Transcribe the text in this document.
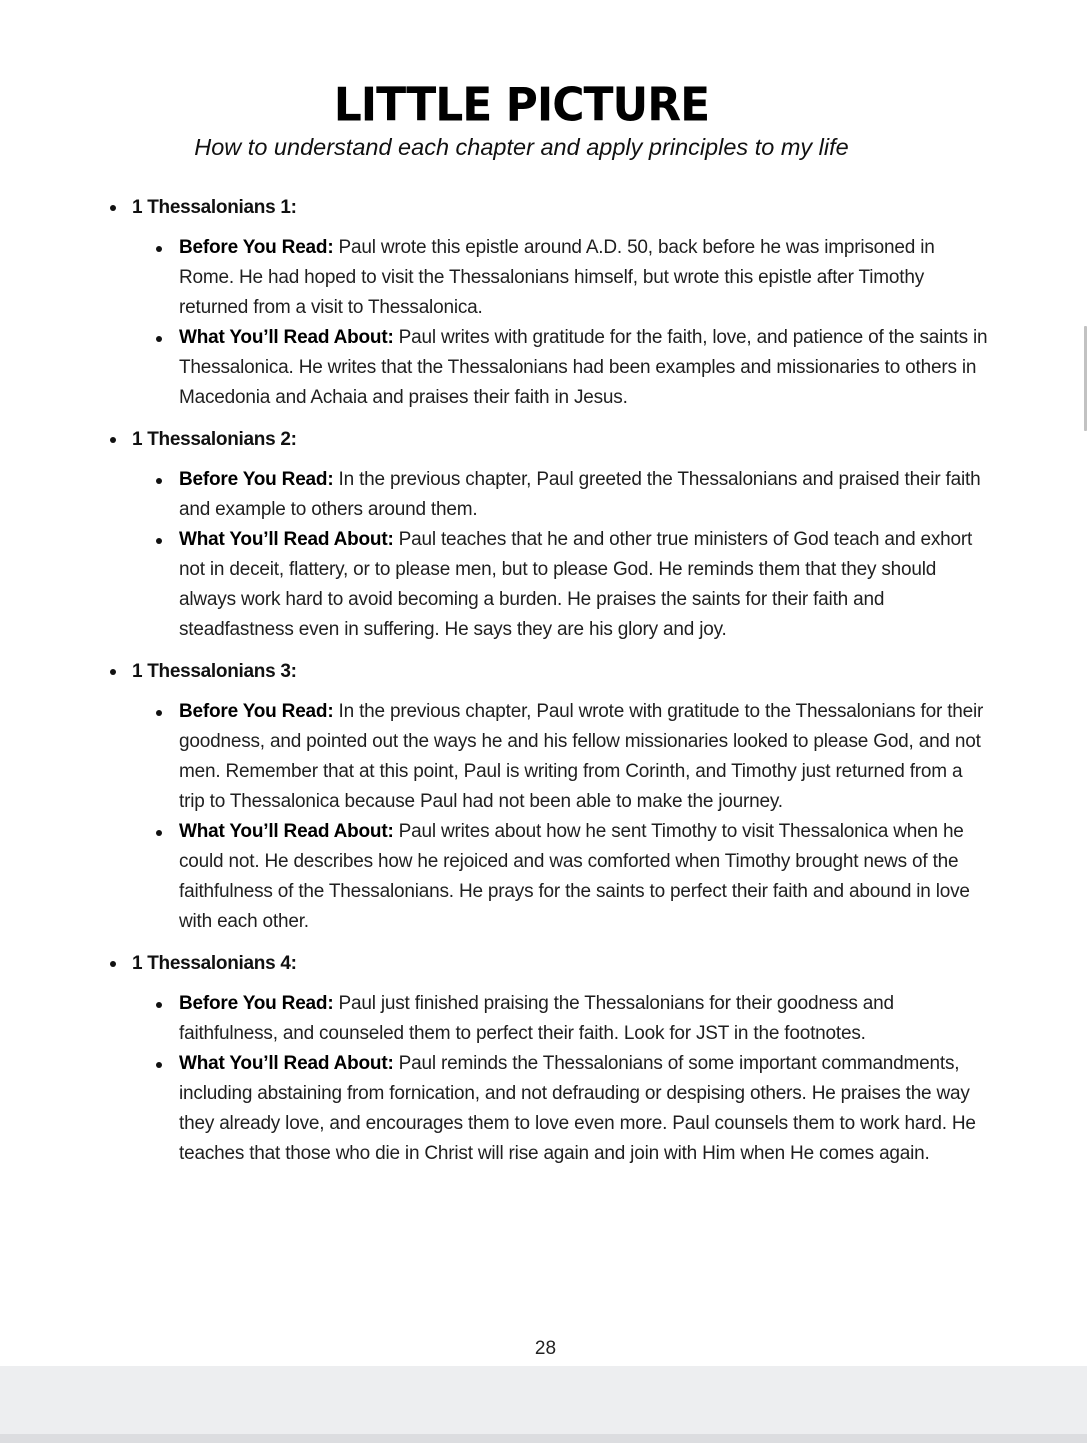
LITTLE PICTURE
How to understand each chapter and apply principles to my life
1 Thessalonians 1:
Before You Read: Paul wrote this epistle around A.D. 50, back before he was imprisoned in Rome. He had hoped to visit the Thessalonians himself, but wrote this epistle after Timothy returned from a visit to Thessalonica.
What You’ll Read About: Paul writes with gratitude for the faith, love, and patience of the saints in Thessalonica. He writes that the Thessalonians had been examples and missionaries to others in Macedonia and Achaia and praises their faith in Jesus.
1 Thessalonians 2:
Before You Read: In the previous chapter, Paul greeted the Thessalonians and praised their faith and example to others around them.
What You’ll Read About: Paul teaches that he and other true ministers of God teach and exhort not in deceit, flattery, or to please men, but to please God. He reminds them that they should always work hard to avoid becoming a burden. He praises the saints for their faith and steadfastness even in suffering. He says they are his glory and joy.
1 Thessalonians 3:
Before You Read: In the previous chapter, Paul wrote with gratitude to the Thessalonians for their goodness, and pointed out the ways he and his fellow missionaries looked to please God, and not men. Remember that at this point, Paul is writing from Corinth, and Timothy just returned from a trip to Thessalonica because Paul had not been able to make the journey.
What You’ll Read About: Paul writes about how he sent Timothy to visit Thessalonica when he could not. He describes how he rejoiced and was comforted when Timothy brought news of the faithfulness of the Thessalonians. He prays for the saints to perfect their faith and abound in love with each other.
1 Thessalonians 4:
Before You Read: Paul just finished praising the Thessalonians for their goodness and faithfulness, and counseled them to perfect their faith. Look for JST in the footnotes.
What You’ll Read About: Paul reminds the Thessalonians of some important commandments, including abstaining from fornication, and not defrauding or despising others. He praises the way they already love, and encourages them to love even more. Paul counsels them to work hard. He teaches that those who die in Christ will rise again and join with Him when He comes again.
28
